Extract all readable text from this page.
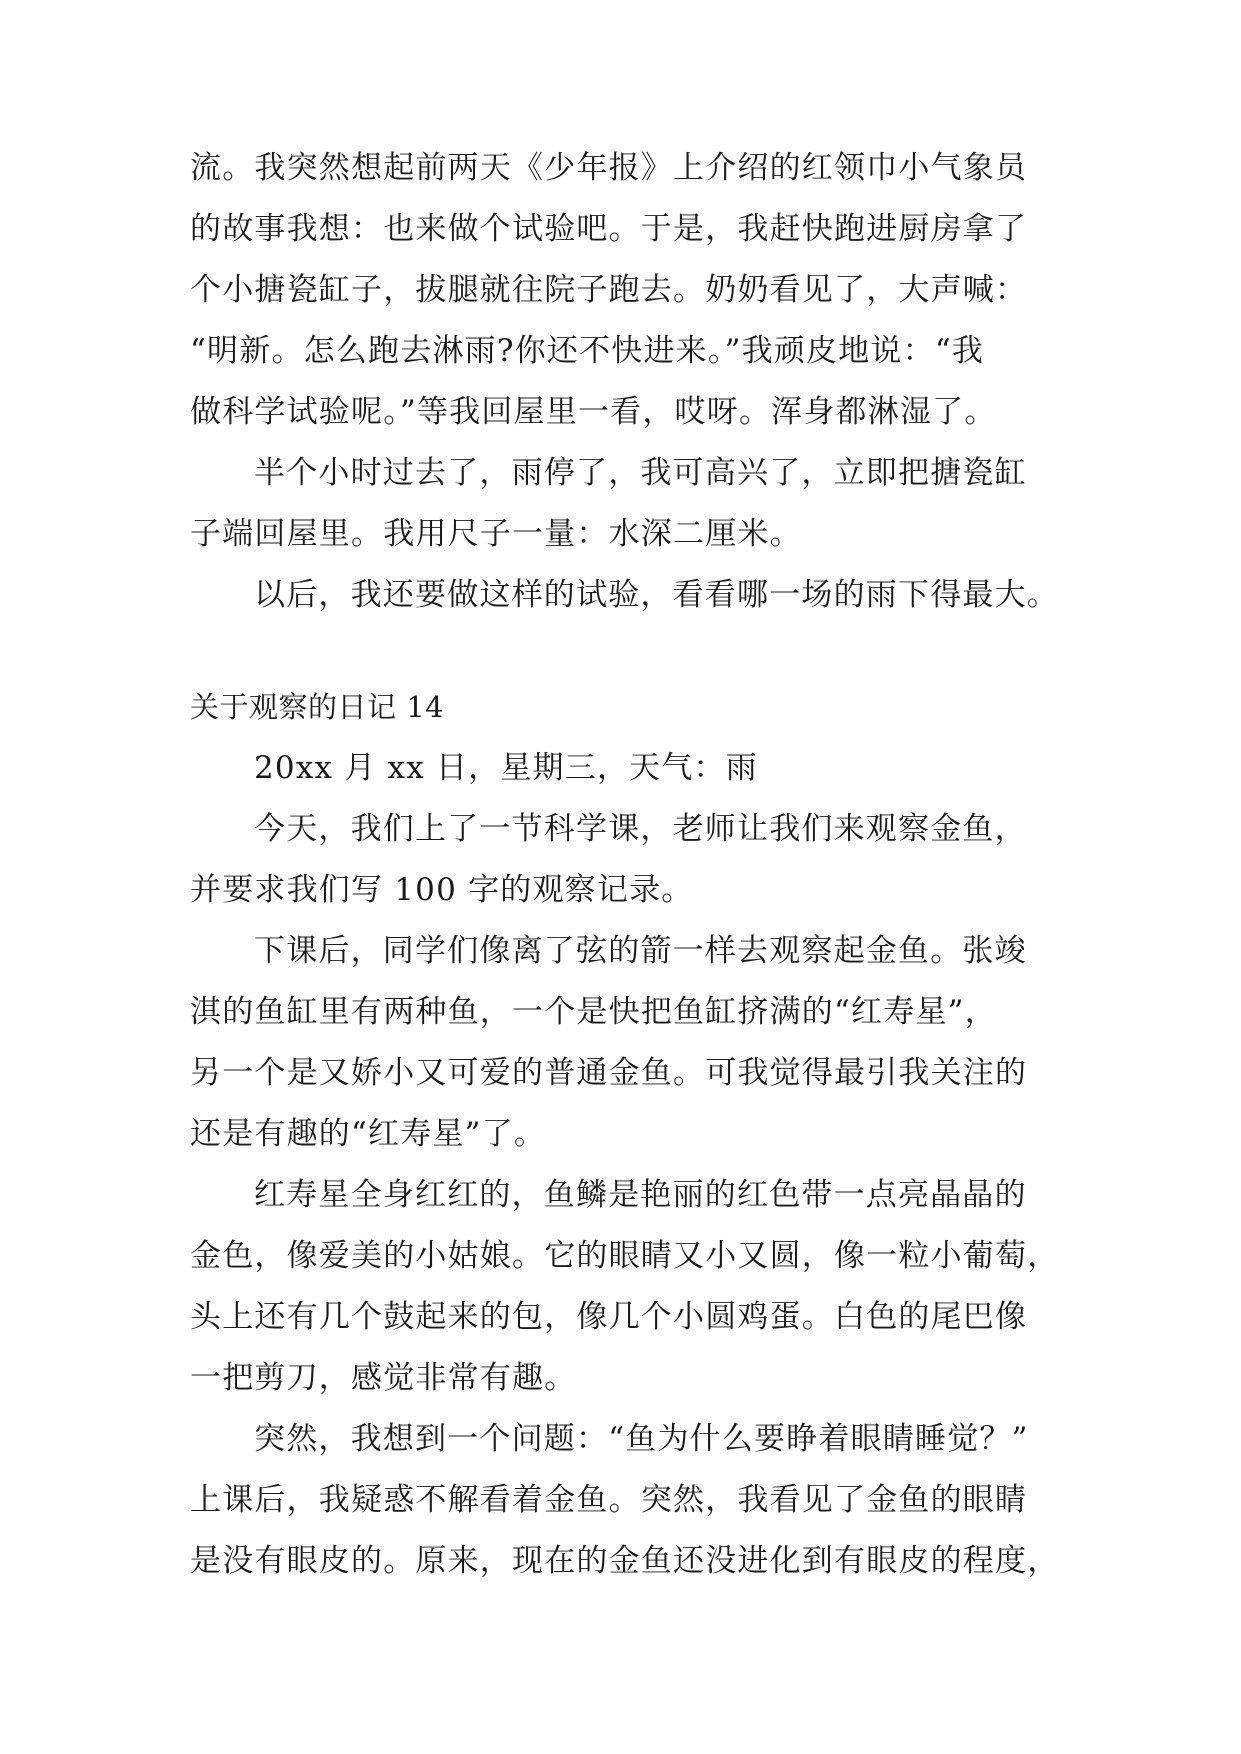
流。我突然想起前两天《少年报》上介绍的红领巾小气象员
的故事我想：也来做个试验吧。于是，我赶快跑进厨房拿了
个小搪瓷缸子，拔腿就往院子跑去。奶奶看见了，大声喊：
“明新。怎么跑去淋雨?你还不快进来。”我顽皮地说：“我
做科学试验呢。”等我回屋里一看，哎呀。浑身都淋湿了。
半个小时过去了，雨停了，我可高兴了，立即把搪瓷缸
子端回屋里。我用尺子一量：水深二厘米。
以后，我还要做这样的试验，看看哪一场的雨下得最大。
关于观察的日记 14
20xx 月 xx 日，星期三，天气：雨
今天，我们上了一节科学课，老师让我们来观察金鱼，
并要求我们写 100 字的观察记录。
下课后，同学们像离了弦的箭一样去观察起金鱼。张竣
淇的鱼缸里有两种鱼，一个是快把鱼缸挤满的“红寿星”，
另一个是又娇小又可爱的普通金鱼。可我觉得最引我关注的
还是有趣的“红寿星”了。
红寿星全身红红的，鱼鳞是艳丽的红色带一点亮晶晶的
金色，像爱美的小姑娘。它的眼睛又小又圆，像一粒小葡萄，
头上还有几个鼓起来的包，像几个小圆鸡蛋。白色的尾巴像
一把剪刀，感觉非常有趣。
突然，我想到一个问题：“鱼为什么要睁着眼睛睡觉？”
上课后，我疑惑不解看着金鱼。突然，我看见了金鱼的眼睛
是没有眼皮的。原来，现在的金鱼还没进化到有眼皮的程度，
